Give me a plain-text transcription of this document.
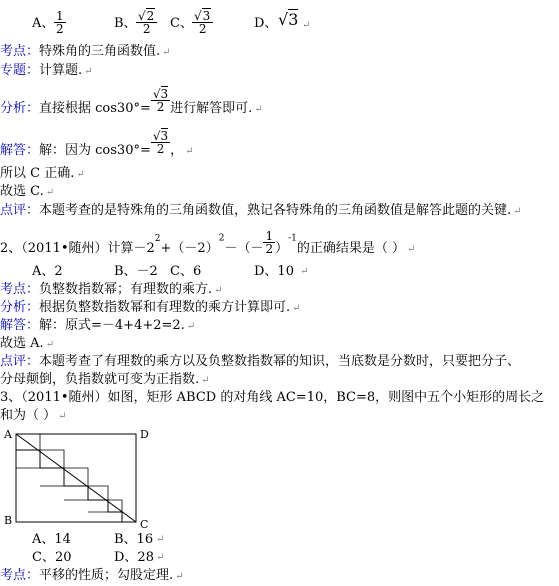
A、 $\frac{1}{2}$	B、 $\frac{√2}{2}$ C、 $\frac{√3}{2}$	D、 √3 ↵
考点：特殊角的三角函数值. ↵
专题：计算题. ↵
分析：直接根据 $\cos 30^\circ= \frac{√3}{2}$ 进行解答即可. $_↵$
解答：解：因为 $\cos 30^\circ= \frac{√3}{2}$ ， $_↵$
所以 C 正确. ↵
故选 C. ↵
点评：本题考查的是特殊角的三角函数值，熟记各特殊角的三角函数值是解答此题的关键. ↵
2、（2011•随州）计算$-2^2+(-2)^2-(- \frac{1}{2} )^{-1}$的正确结果是（ ） $_↵$
A、2	B、－2 C、6	D、10 ↵
考点：负整数指数幂；有理数的乘方. ↵
分析：根据负整数指数幂和有理数的乘方计算即可. ↵
解答：解：原式=－4+4+2=2. ↵
故选 A. ↵
点评：本题考查了有理数的乘方以及负整数指数幂的知识，当底数是分数时，只要把分子、
分母颠倒，负指数就可变为正指数. ↵
3、（2011•随州）如图，矩形 ABCD 的对角线 AC=10，BC=8，则图中五个小矩形的周长之
和为（ ） ↵
A	D
B	C
A、14	B、16 ↵
C、20	D、28 ↵
考点：平移的性质；勾股定理. ↵
